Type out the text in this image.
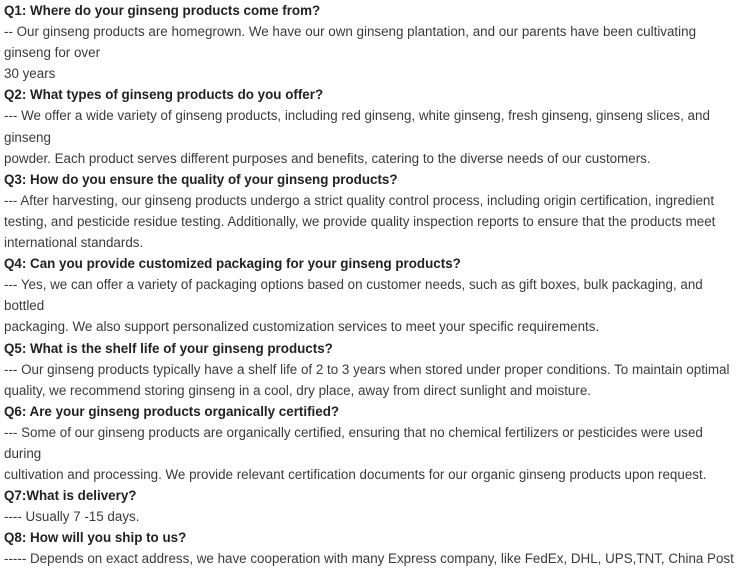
Q1: Where do your ginseng products come from?
-- Our ginseng products are homegrown. We have our own ginseng plantation, and our parents have been cultivating
ginseng for over
30 years
Q2: What types of ginseng products do you offer?
--- We offer a wide variety of ginseng products, including red ginseng, white ginseng, fresh ginseng, ginseng slices, and
ginseng
powder. Each product serves different purposes and benefits, catering to the diverse needs of our customers.
Q3: How do you ensure the quality of your ginseng products?
--- After harvesting, our ginseng products undergo a strict quality control process, including origin certification, ingredient
testing, and pesticide residue testing. Additionally, we provide quality inspection reports to ensure that the products meet
international standards.
Q4: Can you provide customized packaging for your ginseng products?
--- Yes, we can offer a variety of packaging options based on customer needs, such as gift boxes, bulk packaging, and
bottled
packaging. We also support personalized customization services to meet your specific requirements.
Q5: What is the shelf life of your ginseng products?
--- Our ginseng products typically have a shelf life of 2 to 3 years when stored under proper conditions. To maintain optimal
quality, we recommend storing ginseng in a cool, dry place, away from direct sunlight and moisture.
Q6: Are your ginseng products organically certified?
--- Some of our ginseng products are organically certified, ensuring that no chemical fertilizers or pesticides were used
during
cultivation and processing. We provide relevant certification documents for our organic ginseng products upon request.
Q7:What is delivery?
---- Usually 7 -15 days.
Q8: How will you ship to us?
----- Depends on exact address, we have cooperation with many Express company, like FedEx, DHL, UPS,TNT, China Post
